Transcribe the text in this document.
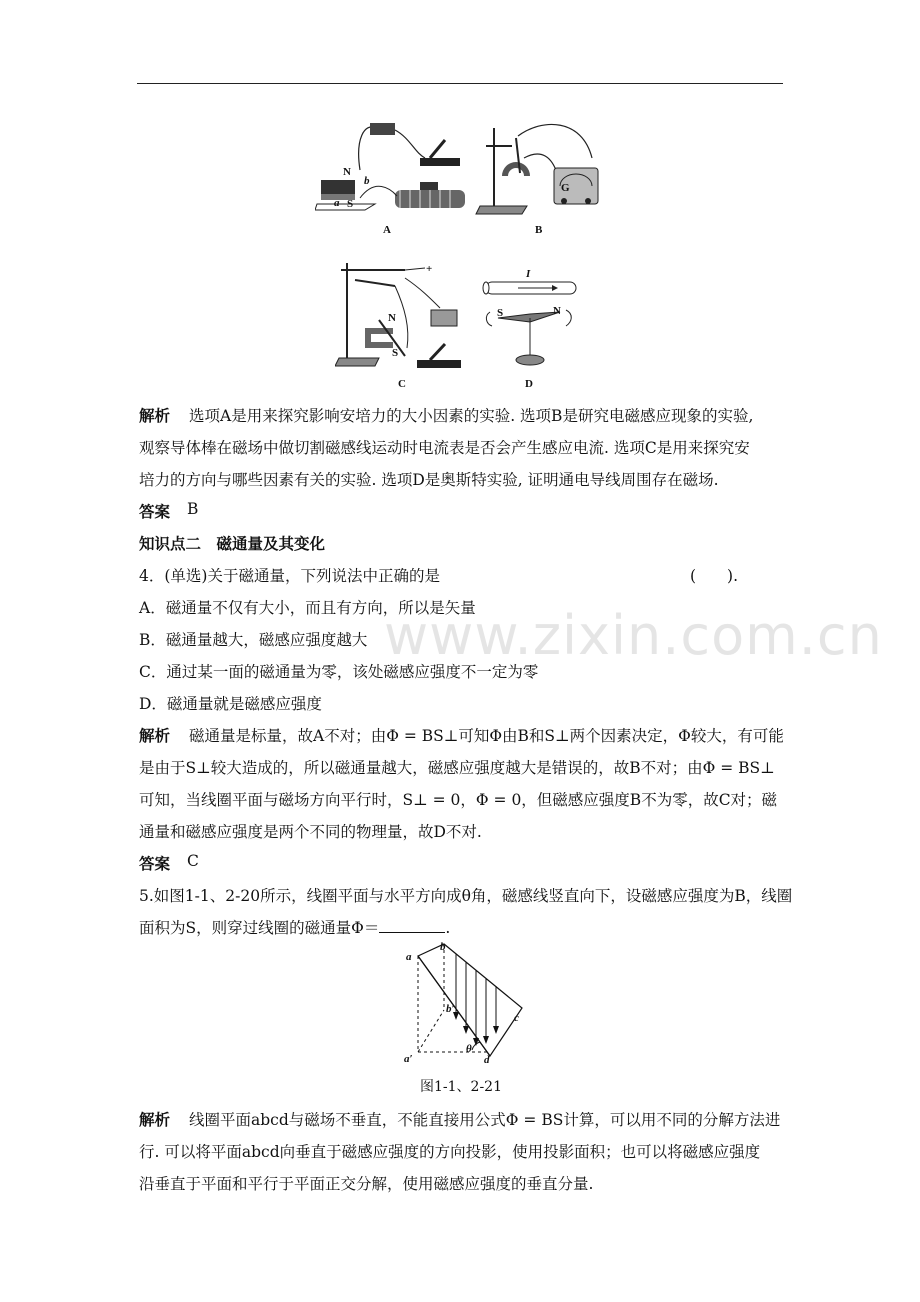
N
b
a S
A
G
B
+
N
S
C
I
S	N
D
解析 选项A是用来探究影响安培力的大小因素的实验. 选项B是研究电磁感应现象的实验,
观察导体棒在磁场中做切割磁感线运动时电流表是否会产生感应电流. 选项C是用来探究安
培力的方向与哪些因素有关的实验. 选项D是奥斯特实验, 证明通电导线周围存在磁场.
答案 B
知识点二　磁通量及其变化
4．(单选)关于磁通量，下列说法中正确的是	(　　).
A．磁通量不仅有大小，而且有方向，所以是矢量
B．磁通量越大，磁感应强度越大
C．通过某一面的磁通量为零，该处磁感应强度不一定为零
D．磁通量就是磁感应强度
www.zixin.com.cn
解析 磁通量是标量，故A不对；由Φ = BS⊥可知Φ由B和S⊥两个因素决定，Φ较大，有可能
是由于S⊥较大造成的，所以磁通量越大，磁感应强度越大是错误的，故B不对；由Φ = BS⊥
可知，当线圈平面与磁场方向平行时，S⊥ = 0，Φ = 0，但磁感应强度B不为零，故C对；磁
通量和磁感应强度是两个不同的物理量，故D不对.
答案 C
5.如图1-1、2-20所示，线圈平面与水平方向成θ角，磁感线竖直向下，设磁感应强度为B，线圈
面积为S，则穿过线圈的磁通量Φ＝	.
a
b
b′
c
a′
θ
d
图1-1、2-21
解析 线圈平面abcd与磁场不垂直，不能直接用公式Φ = BS计算，可以用不同的分解方法进
行. 可以将平面abcd向垂直于磁感应强度的方向投影，使用投影面积；也可以将磁感应强度
沿垂直于平面和平行于平面正交分解，使用磁感应强度的垂直分量.
